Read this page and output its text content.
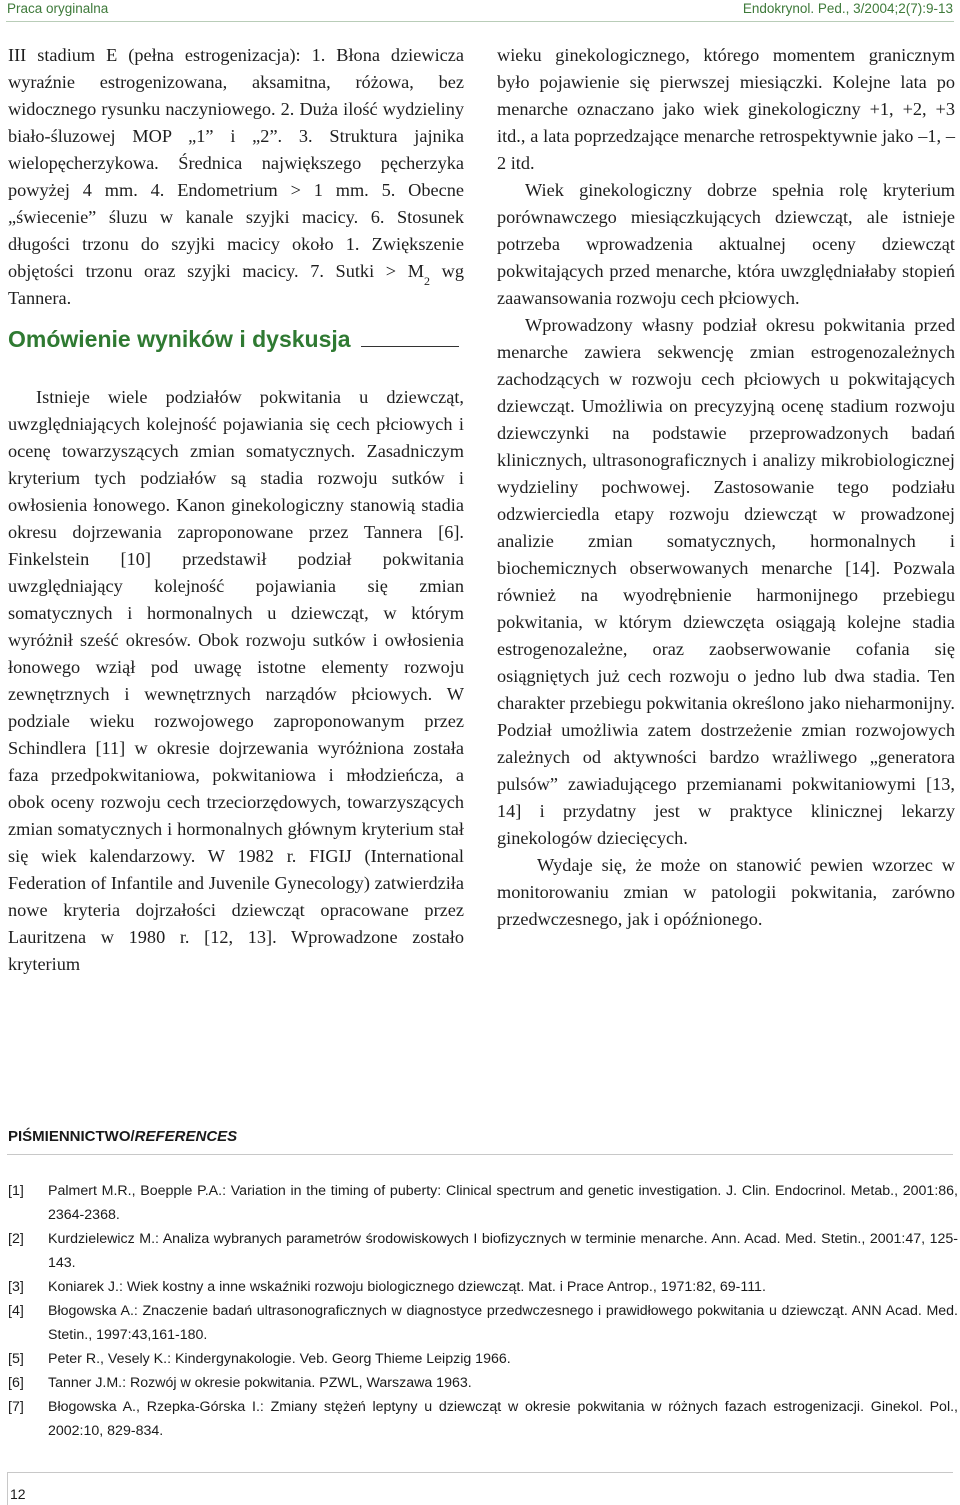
Praca oryginalna	Endokrynol. Ped., 3/2004;2(7):9-13

III stadium E (pełna estrogenizacja): 1. Błona dziewicza wyraźnie estrogenizowana, aksamitna, różowa, bez widocznego rysunku naczyniowego. 2. Duża ilość wydzieliny biało-śluzowej MOP „1” i „2”. 3. Struktura jajnika wielopęcherzykowa. Średnica największego pęcherzyka powyżej 4 mm. 4. Endometrium > 1 mm. 5. Obecne „świecenie” śluzu w kanale szyjki macicy. 6. Stosunek długości trzonu do szyjki macicy około 1. Zwiększenie objętości trzonu oraz szyjki macicy. 7. Sutki > $M_2$ wg Tannera.

Omówienie wyników i dyskusja

Istnieje wiele podziałów pokwitania u dziewcząt, uwzględniających kolejność pojawiania się cech płciowych i ocenę towarzyszących zmian somatycznych. Zasadniczym kryterium tych podziałów są stadia rozwoju sutków i owłosienia łonowego. Kanon ginekologiczny stanowią stadia okresu dojrzewania zaproponowane przez Tannera [6]. Finkelstein [10] przedstawił podział pokwitania uwzględniający kolejność pojawiania się zmian somatycznych i hormonalnych u dziewcząt, w którym wyróżnił sześć okresów. Obok rozwoju sutków i owłosienia łonowego wziął pod uwagę istotne elementy rozwoju zewnętrznych i wewnętrznych narządów płciowych. W podziale wieku rozwojowego zaproponowanym przez Schindlera [11] w okresie dojrzewania wyróżniona została faza przedpokwitaniowa, pokwitaniowa i młodzieńcza, a obok oceny rozwoju cech trzeciorzędowych, towarzyszących zmian somatycznych i hormonalnych głównym kryterium stał się wiek kalendarzowy. W 1982 r. FIGIJ (International Federation of Infantile and Juvenile Gynecology) zatwierdziła nowe kryteria dojrzałości dziewcząt opracowane przez Lauritzena w 1980 r. [12, 13]. Wprowadzone zostało kryterium

wieku ginekologicznego, którego momentem granicznym było pojawienie się pierwszej miesiączki. Kolejne lata po menarche oznaczano jako wiek ginekologiczny +1, +2, +3 itd., a lata poprzedzające menarche retrospektywnie jako –1, –2 itd.

Wiek ginekologiczny dobrze spełnia rolę kryterium porównawczego miesiączkujących dziewcząt, ale istnieje potrzeba wprowadzenia aktualnej oceny dziewcząt pokwitających przed menarche, która uwzględniałaby stopień zaawansowania rozwoju cech płciowych.

Wprowadzony własny podział okresu pokwitania przed menarche zawiera sekwencję zmian estrogenozależnych zachodzących w rozwoju cech płciowych u pokwitających dziewcząt. Umożliwia on precyzyjną ocenę stadium rozwoju dziewczynki na podstawie przeprowadzonych badań klinicznych, ultrasonograficznych i analizy mikrobiologicznej wydzieliny pochwowej. Zastosowanie tego podziału odzwierciedla etapy rozwoju dziewcząt w prowadzonej analizie zmian somatycznych, hormonalnych i biochemicznych obserwowanych menarche [14]. Pozwala również na wyodrębnienie harmonijnego przebiegu pokwitania, w którym dziewczęta osiągają kolejne stadia estrogenozależne, oraz zaobserwowanie cofania się osiągniętych już cech rozwoju o jedno lub dwa stadia. Ten charakter przebiegu pokwitania określono jako nieharmonijny. Podział umożliwia zatem dostrzeżenie zmian rozwojowych zależnych od aktywności bardzo wrażliwego „generatora pulsów” zawiadującego przemianami pokwitaniowymi [13, 14] i przydatny jest w praktyce klinicznej lekarzy ginekologów dziecięcych.

Wydaje się, że może on stanowić pewien wzorzec w monitorowaniu zmian w patologii pokwitania, zarówno przedwczesnego, jak i opóźnionego.

PIŚMIENNICTWO/REFERENCES
[1]	Palmert M.R., Boepple P.A.: Variation in the timing of puberty: Clinical spectrum and genetic investigation. J. Clin. Endocrinol. Metab., 2001:86, 2364-2368.
[2]	Kurdzielewicz M.: Analiza wybranych parametrów środowiskowych I biofizycznych w terminie menarche. Ann. Acad. Med. Stetin., 2001:47, 125-143.
[3]	Koniarek J.: Wiek kostny a inne wskaźniki rozwoju biologicznego dziewcząt. Mat. i Prace Antrop., 1971:82, 69-111.
[4]	Błogowska A.: Znaczenie badań ultrasonograficznych w diagnostyce przedwczesnego i prawidłowego pokwitania u dziewcząt. ANN Acad. Med. Stetin., 1997:43,161-180.
[5]	Peter R., Vesely K.: Kindergynakologie. Veb. Georg Thieme Leipzig 1966.
[6]	Tanner J.M.: Rozwój w okresie pokwitania. PZWL, Warszawa 1963.
[7]	Błogowska A., Rzepka-Górska I.: Zmiany stężeń leptyny u dziewcząt w okresie pokwitania w różnych fazach estrogenizacji. Ginekol. Pol., 2002:10, 829-834.
12
